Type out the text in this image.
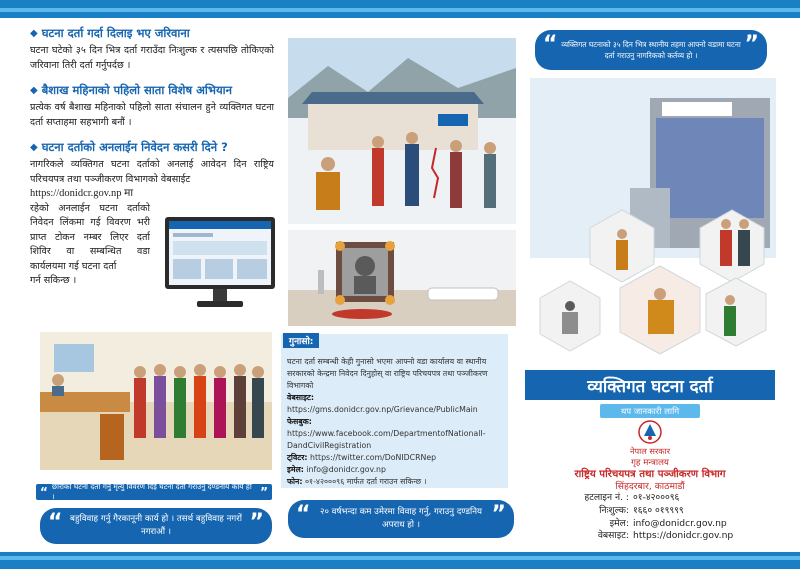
◆ घटना दर्ता गर्दा दिलाइ भए जरिवाना
घटना घटेको ३५ दिन भित्र दर्ता गराउँदा निःशुल्क र त्यसपछि तोकिएको जरिवाना तिरी दर्ता गर्नुपर्दछ ।
◆ बैशाख महिनाको पहिलो साता विशेष अभियान
प्रत्येक वर्ष बैशाख महिनाको पहिलो साता संचालन हुने व्यक्तिगत घटना दर्ता सप्ताहमा सहभागी बनौं ।
◆ घटना दर्ताको अनलाईन निवेदन कसरी दिने ?
नागरिकले व्यक्तिगत घटना दर्ताको अनलाई आवेदन दिन राष्ट्रिय परिचयपत्र तथा पञ्जीकरण विभागको वेबसाईट
https://donidcr.gov.np मा
रहेको अनलाईन घटना दर्ताको निवेदन लिंकमा गई विवरण भरी प्राप्त टोकन नम्बर लिएर दर्ता शिविर वा सम्बन्धित वडा कार्यलयमा गई घटना दर्ता
गर्न सकिन्छ ।
“ छोरीको घटना दर्ता गर्नु मृत्यु विवरण दिई घटना दर्ता गराउनु दण्डनीय कार्य हो ।	”
“ बहुविवाह गर्नु गैरकानूनी कार्य हो । तसर्थ बहुविवाह नगरों नगराऔं ।	”
घटना दर्ता सम्बन्धी केही गुनासो भएमा आफ्नो वडा कार्यालय वा स्थानीय सरकारको केन्द्रमा निवेदन दिनुहोस् वा राष्ट्रिय परिचयपत्र तथा पञ्जीकरण विभागको
वेबसाइट: https://gms.donidcr.gov.np/Grievance/PublicMain
फेसबुक: https://www.facebook.com/DepartmentofNationalI-DandCivilRegistration
ट्विटर: https://twitter.com/DoNIDCRNep
इमेल: info@donidcr.gov.np
फोन: ०१-४२०००९६ मार्फत दर्ता गराउन सकिन्छ ।
गुनासो:
“	२० वर्षभन्दा कम उमेरमा विवाह गर्नु, गराउनु दण्डनिय अपराध हो ।	”
“ व्यक्तिगत घटनाको ३५ दिन भित्र स्थानीय तहमा आफ्नो वडामा घटना दर्ता गराउनु नागरिकको कर्तव्य हो ।	”
व्यक्तिगत घटना दर्ता
थप जानकारी लागि
नेपाल सरकार
गृह मन्त्रालय
राष्ट्रिय परिचयपत्र तथा पञ्जीकरण विभाग
सिंहदरबार, काठमाडौं
हटलाइन नं. : ०१-४२०००९६
निःशुल्क: १६६० ०१९९९९
इमेल: info@donidcr.gov.np
वेबसाइट: https://donidcr.gov.np
